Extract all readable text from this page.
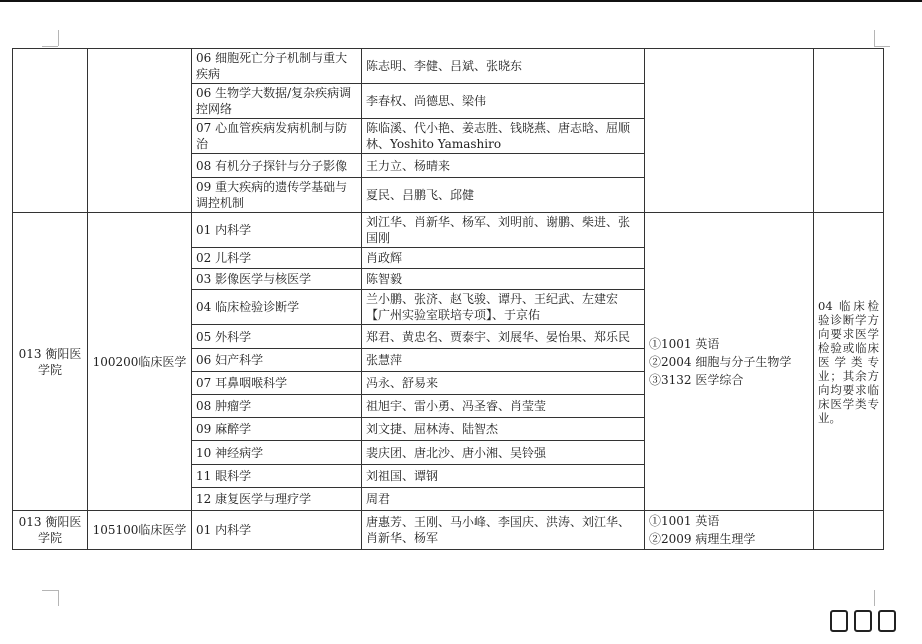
		06 细胞死亡分子机制与重大疾病	陈志明、李健、吕斌、张晓东		
		06 生物学大数据/复杂疾病调控网络	李春权、尚德思、梁伟		
		07 心血管疾病发病机制与防治	陈临溪、代小艳、姜志胜、钱晓燕、唐志晗、屈顺林、Yoshito Yamashiro		
		08 有机分子探针与分子影像	王力立、杨晴来		
		09 重大疾病的遗传学基础与调控机制	夏民、吕鹏飞、邱健		
013 衡阳医学院	100200临床医学	01 内科学	刘江华、肖新华、杨军、刘明前、谢鹏、柴进、张国刚	①1001 英语
②2004 细胞与分子生物学
③3132 医学综合	04 临床检验诊断学方向要求医学检验或临床医学类专业；其余方向均要求临床医学类专业。
		02 儿科学	肖政辉		
		03 影像医学与核医学	陈智毅		
		04 临床检验诊断学	兰小鹏、张济、赵飞骏、谭丹、王纪武、左建宏【广州实验室联培专项】、于京佑		
		05 外科学	郑君、黄忠名、贾泰宇、刘展华、晏怡果、郑乐民		
		06 妇产科学	张慧萍		
		07 耳鼻咽喉科学	冯永、舒易来		
		08 肿瘤学	祖旭宇、雷小勇、冯圣睿、肖莹莹		
		09 麻醉学	刘文捷、屈林涛、陆智杰		
		10 神经病学	裴庆团、唐北沙、唐小湘、吴铃强		
		11 眼科学	刘祖国、谭钢		
		12 康复医学与理疗学	周君		
013 衡阳医学院	105100临床医学	01 内科学	唐惠芳、王刚、马小峰、李国庆、洪涛、刘江华、肖新华、杨军	①1001 英语
②2009 病理生理学	
